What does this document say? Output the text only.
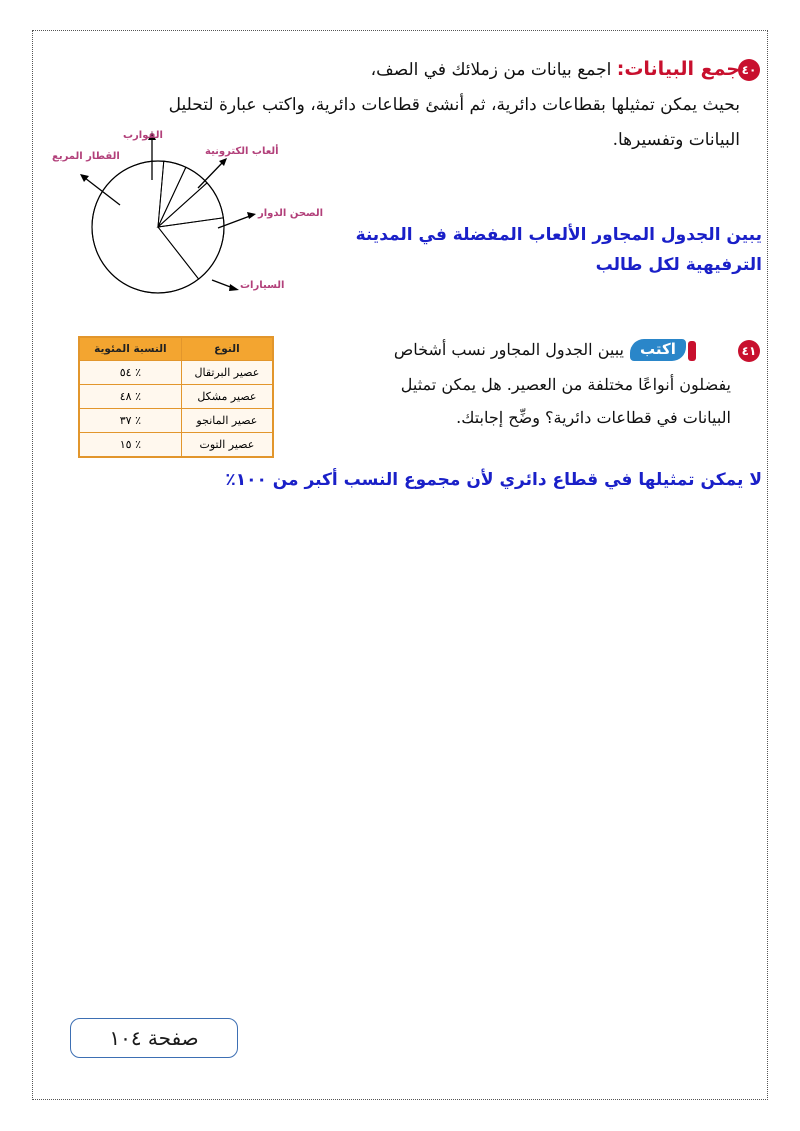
٤٠
جمع البيانات: اجمع بيانات من زملائك في الصف،
بحيث يمكن تمثيلها بقطاعات دائرية، ثم أنشئ قطاعات دائرية، واكتب عبارة لتحليل
البيانات وتفسيرها.
القوارب
القطار المريع	ألعاب الكترونية
الصحن الدوار
السيارات
يبين الجدول المجاور الألعاب المفضلة في المدينة
الترفيهية لكل طالب
٤١
اكتب
يبين الجدول المجاور نسب أشخاص
يفضلون أنواعًا مختلفة من العصير. هل يمكن تمثيل
البيانات في قطاعات دائرية؟ وضِّح إجابتك.
النوع	النسبة المئوية
عصير البرتقال	٪ ٥٤
عصير مشكل	٪ ٤٨
عصير المانجو	٪ ٣٧
عصير التوت	٪ ١٥
لا يمكن تمثيلها في قطاع دائري لأن مجموع النسب أكبر من ١٠٠٪
صفحة ١٠٤
